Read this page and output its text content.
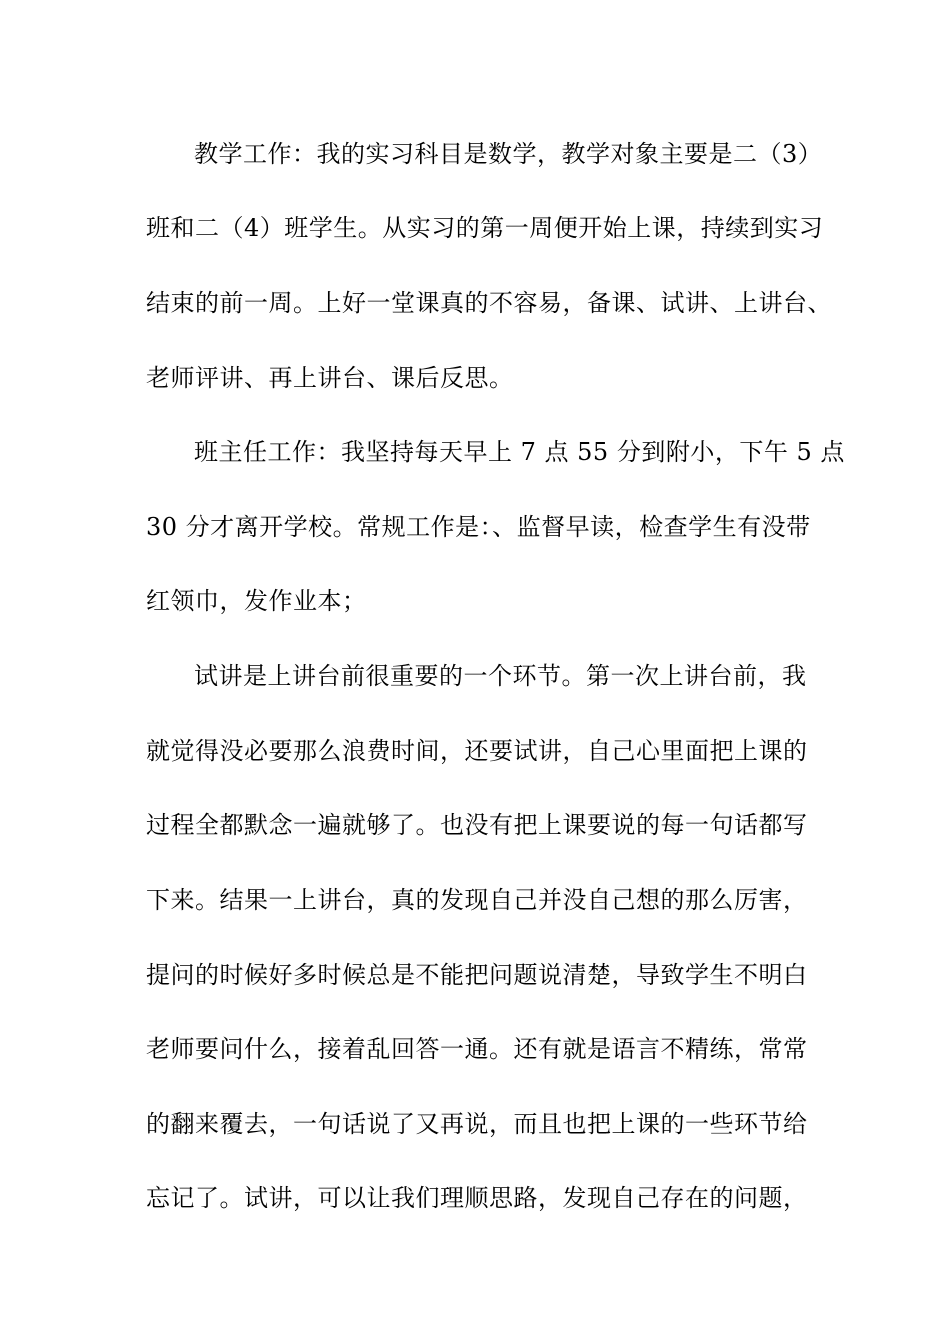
教学工作：我的实习科目是数学，教学对象主要是二（3）
班和二（4）班学生。从实习的第一周便开始上课，持续到实习
结束的前一周。上好一堂课真的不容易，备课、试讲、上讲台、
老师评讲、再上讲台、课后反思。
班主任工作：我坚持每天早上 7 点 55 分到附小，下午 5 点
30 分才离开学校。常规工作是：、监督早读，检查学生有没带
红领巾，发作业本；
试讲是上讲台前很重要的一个环节。第一次上讲台前，我
就觉得没必要那么浪费时间，还要试讲，自己心里面把上课的
过程全都默念一遍就够了。也没有把上课要说的每一句话都写
下来。结果一上讲台，真的发现自己并没自己想的那么厉害，
提问的时候好多时候总是不能把问题说清楚，导致学生不明白
老师要问什么，接着乱回答一通。还有就是语言不精练，常常
的翻来覆去，一句话说了又再说，而且也把上课的一些环节给
忘记了。试讲，可以让我们理顺思路，发现自己存在的问题，
